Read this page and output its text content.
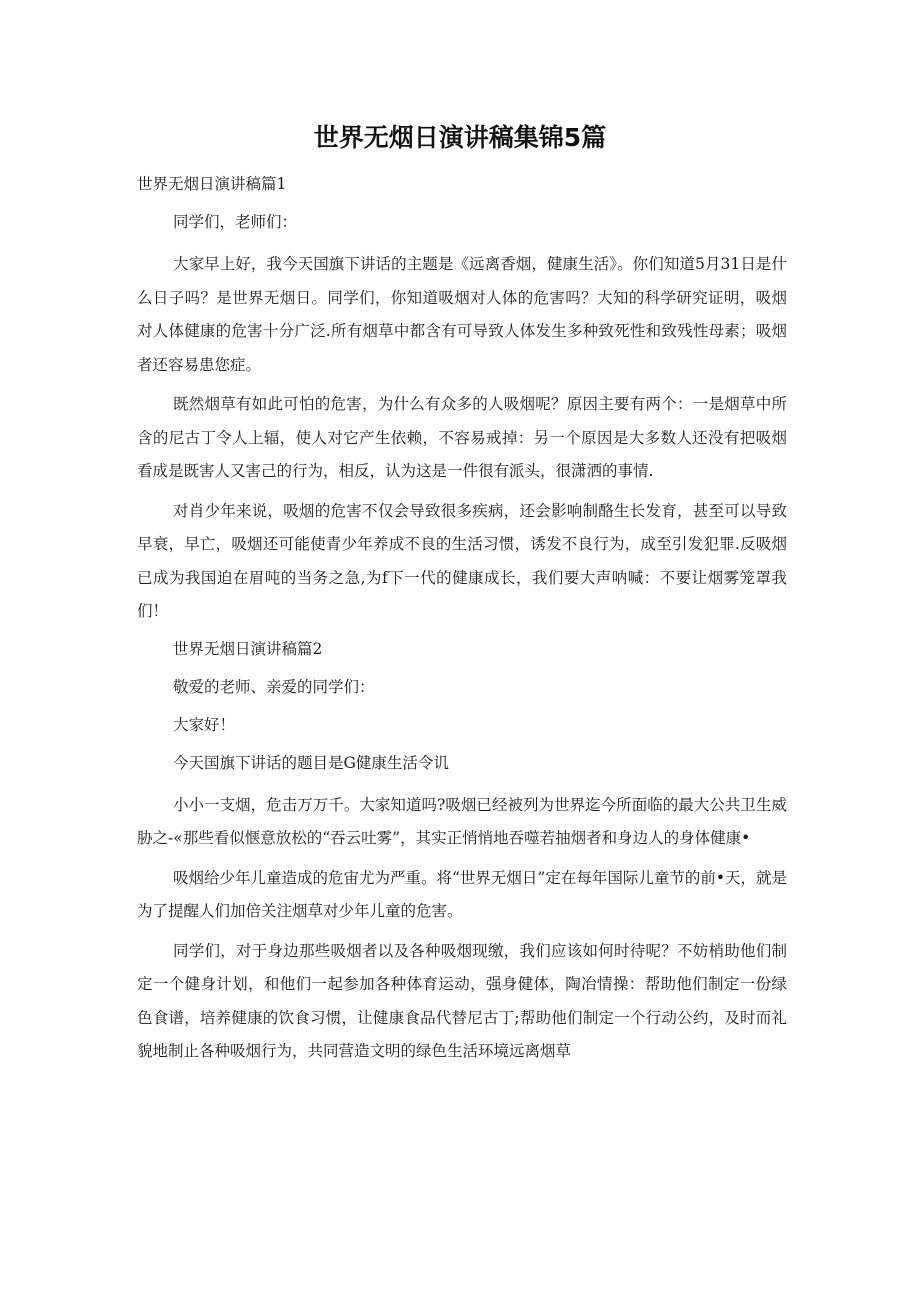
世界无烟日演讲稿集锦5篇

世界无烟日演讲稿篇1

同学们，老师们：

大家早上好，我今天国旗下讲话的主题是《远离香烟，健康生活》。你们知道5月31日是什么日子吗？是世界无烟日。同学们，你知道吸烟对人体的危害吗？大知的科学研究证明，吸烟对人体健康的危害十分广泛.所有烟草中都含有可导致人体发生多种致死性和致残性母素；吸烟者还容易患您症。

既然烟草有如此可怕的危害，为什么有众多的人吸烟呢？原因主要有两个：一是烟草中所含的尼古丁令人上辐，使人对它产生依赖，不容易戒掉：另一个原因是大多数人还没有把吸烟看成是既害人又害己的行为，相反，认为这是一件很有派头，很潇洒的事情.

对肖少年来说，吸烟的危害不仅会导致很多疾病，还会影响制酪生长发育，甚至可以导致早衰，早亡，吸烟还可能使青少年养成不良的生活习惯，诱发不良行为，成至引发犯罪.反吸烟已成为我国迫在眉吨的当务之急,为f下一代的健康成长，我们要大声呐喊：不要让烟雾笼罩我们！

世界无烟日演讲稿篇2

敬爱的老师、亲爱的同学们：

大家好！

今天国旗下讲话的题目是G健康生活令讥

小小一支烟，危击万万千。大家知道吗?吸烟已经被列为世界迄今所面临的最大公共卫生威胁之-«那些看似惬意放松的“吞云吐雾”，其实正悄悄地吞噬若抽烟者和身边人的身体健康•

吸烟给少年儿童造成的危宙尤为严重。将“世界无烟日”定在每年国际儿童节的前•天，就是为了提醒人们加倍关注烟草对少年儿童的危害。

同学们，对于身边那些吸烟者以及各种吸烟现缴，我们应该如何时待呢？不妨梢助他们制定一个健身计划，和他们一起参加各种体育运动，强身健体，陶冶情操：帮助他们制定一份绿色食谱，培养健康的饮食习惯，让健康食品代替尼古丁;帮助他们制定一个行动公约，及时而礼貌地制止各种吸烟行为，共同营造文明的绿色生活环境远离烟草
